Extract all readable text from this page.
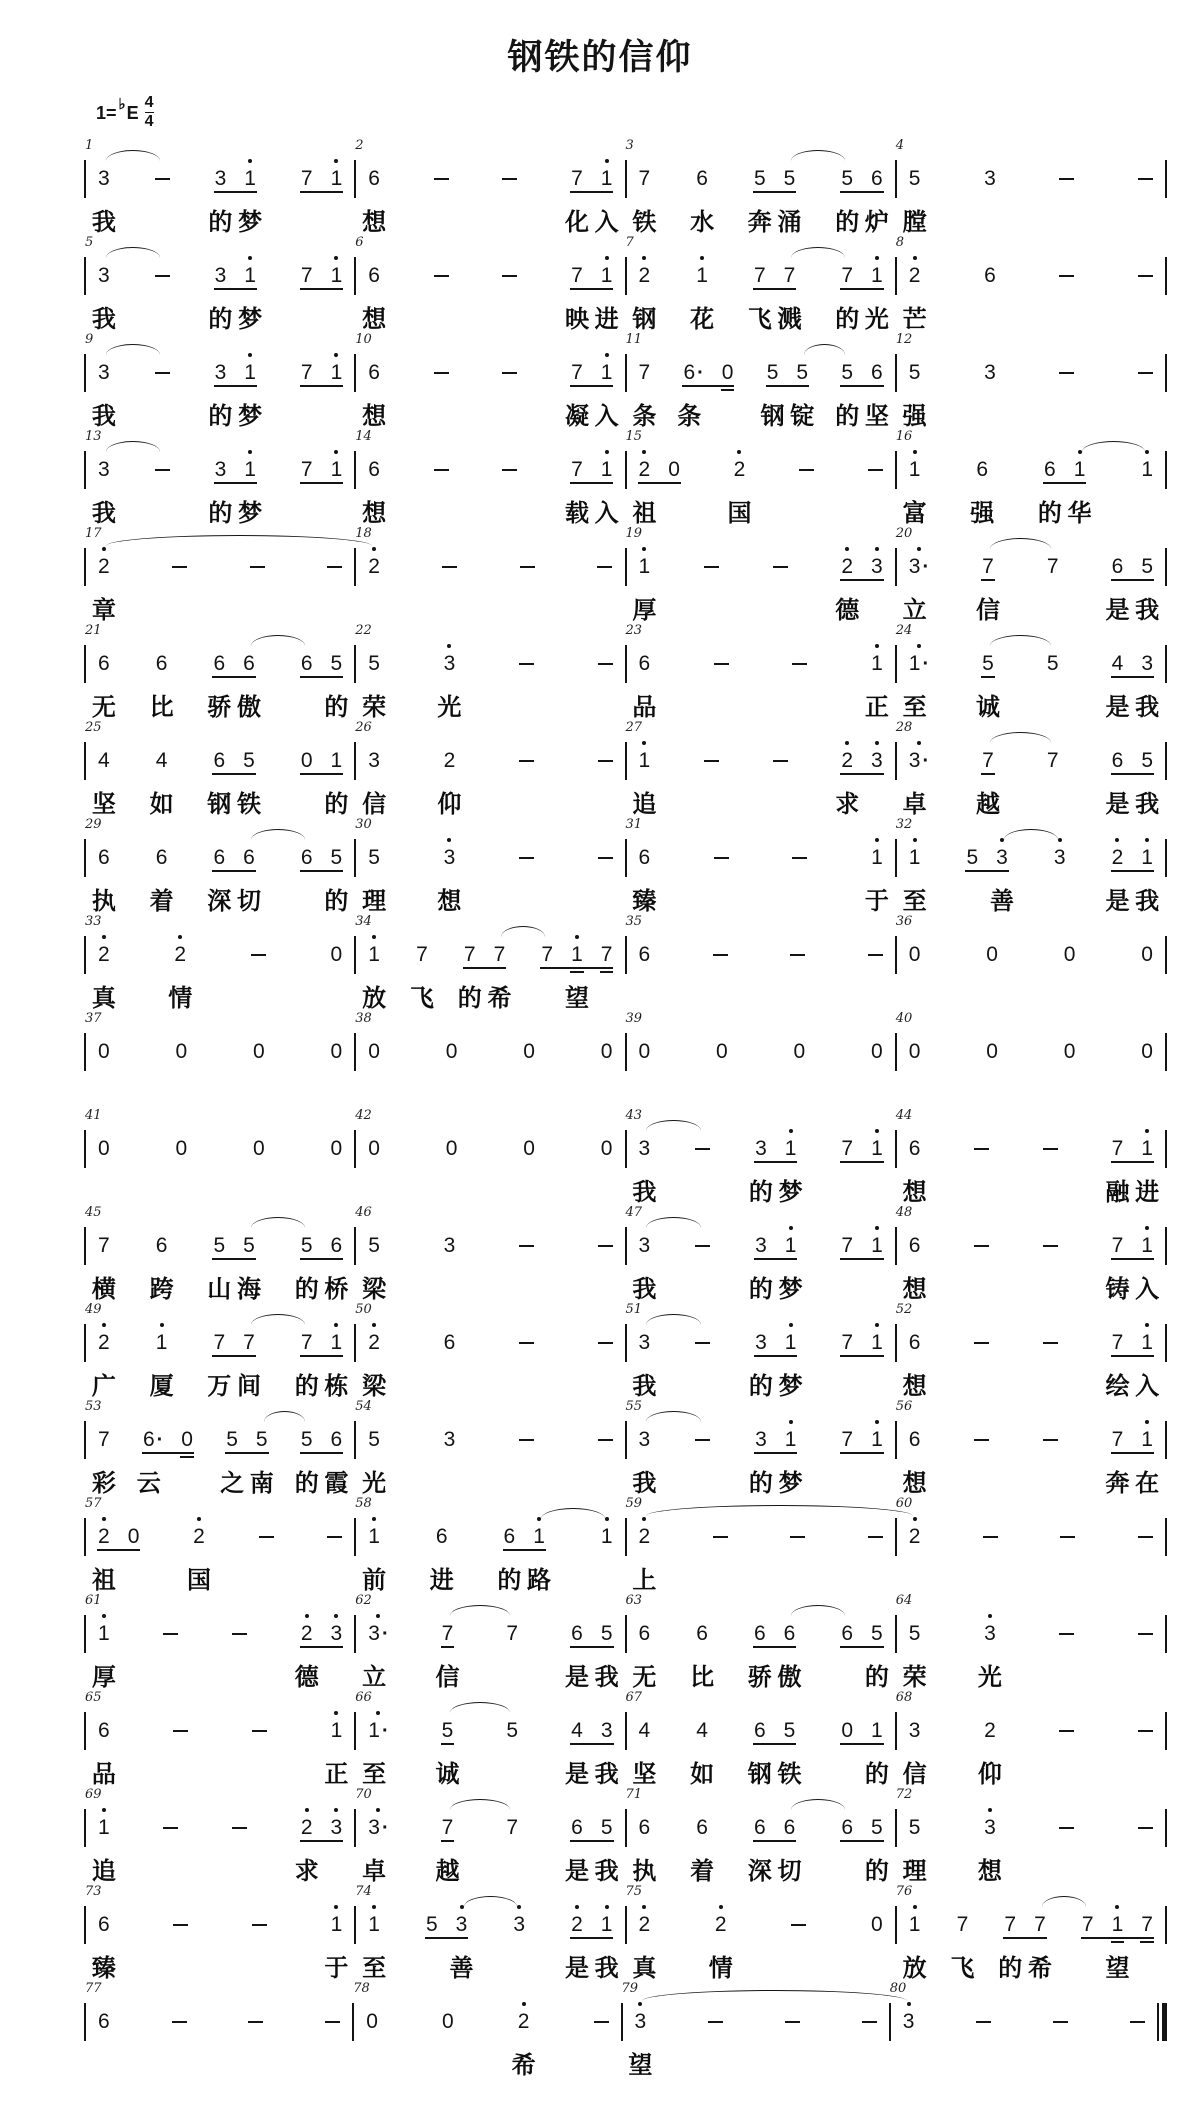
钢铁的信仰
1= ♭ E $\frac{4}{4}$
3	3 1 7 1 6	7 1 7 6 5 5 5 6 5	3
1	2	3	4
我	的 梦	想	化 入 铁 水 奔 涌 的 炉 膛
3	3 1 7 1 6	7 1 2 1 7 7 7 1 2	6
5	6	7	8
我	的 梦	想	映 进 钢 花 飞 溅 的 光 芒
3	3 1 7 1 6	7 1 7 6 · 0 5 5 5 6 5	3
9	10	11	12
我	的 梦	想	凝 入 条 条 钢 锭 的 坚 强
3	3 1 7 1 6	7 1 2 0	2	1	6	6 1	1
13	14	15	16
我	的 梦	想	载 入 祖	国	富 强 的 华
2	2	1	2 3 3 ·	7	7	6 5
17	18	19	20
章	厚	德 立 信	是 我
6 6 6 6 6 5 5	3	6	1 1 ·	5	5	4 3
21	22	23	24
无 比 骄 傲	的 荣 光	品	正 至 诚	是 我
4 4 6 5 0 1 3	2	1	2 3 3 ·	7	7	6 5
25	26	27	28
坚 如 钢 铁	的 信 仰	追	求 卓 越	是 我
6 6 6 6 6 5 5	3	6	1 1 5 3 3 2 1
29	30	31	32
执 着 深 切	的 理 想	臻	于 至	善	是 我
2	2	0 1 7 7 7 7 1 7 6	0	0	0	0
33	34	35	36
真 情	放 飞 的 希 望
0	0	0	0 0	0	0	0 0	0	0	0 0	0	0	0
37	38	39	40
0	0	0	0 0	0	0	0 3	3 1 7 1 6	7 1
41	42	43	44
我	的 梦	想	融 进
7 6 5 5 5 6 5	3	3	3 1 7 1 6	7 1
45	46	47	48
横 跨 山 海 的 桥 梁	我	的 梦	想	铸 入
2 1 7 7 7 1 2	6	3	3 1 7 1 6	7 1
49	50	51	52
广 厦 万 间 的 栋 梁	我	的 梦	想	绘 入
7 6 · 0 5 5 5 6 5	3	3	3 1 7 1 6	7 1
53	54	55	56
彩 云 之 南 的 霞 光	我	的 梦	想	奔 在
2 0	2	1	6	6 1	1 2	2
57	58	59	60
祖	国	前 进 的 路	上
1	2 3 3 ·	7	7	6 5 6 6 6 6 6 5 5	3
61	62	63	64
厚	德 立 信	是 我 无 比 骄 傲	的 荣 光
6	1 1 ·	5	5	4 3 4 4 6 5 0 1 3	2
65	66	67	68
品	正 至 诚	是 我 坚 如 钢 铁	的 信 仰
1	2 3 3 ·	7	7	6 5 6 6 6 6 6 5 5	3
69	70	71	72
追	求 卓 越	是 我 执 着 深 切	的 理 想
6	1 1 5 3 3 2 1 2	2	0 1 7 7 7 7 1 7
73	74	75	76
臻	于 至	善	是 我 真 情	放 飞 的 希 望
6	0	0	2	3	3
77	78	79	80
希	望
